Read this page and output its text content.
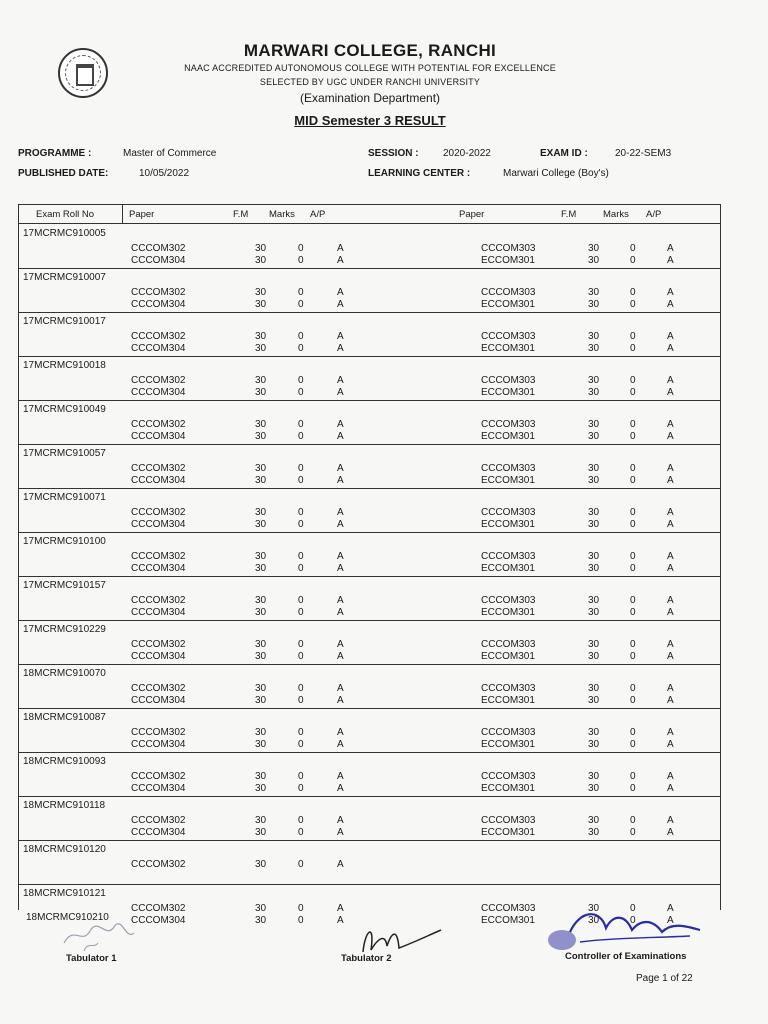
MARWARI COLLEGE, RANCHI
NAAC ACCREDITED AUTONOMOUS COLLEGE WITH POTENTIAL FOR EXCELLENCE
SELECTED BY UGC UNDER RANCHI UNIVERSITY
(Examination Department)
MID Semester 3 RESULT
PROGRAMME :	Master of Commerce	SESSION : 2020-2022	EXAM ID :	20-22-SEM3
PUBLISHED DATE:	10/05/2022	LEARNING CENTER :	Marwari College (Boy's)
Exam Roll No	Paper	F.M Marks A/P	Paper	F.M	Marks A/P
17MCRMC910005
CCCOM302	30	0	A	CCCOM303	30	0	A
CCCOM304	30	0	A	ECCOM301	30	0	A
17MCRMC910007
CCCOM302	30	0	A	CCCOM303	30	0	A
CCCOM304	30	0	A	ECCOM301	30	0	A
17MCRMC910017
CCCOM302	30	0	A	CCCOM303	30	0	A
CCCOM304	30	0	A	ECCOM301	30	0	A
17MCRMC910018
CCCOM302	30	0	A	CCCOM303	30	0	A
CCCOM304	30	0	A	ECCOM301	30	0	A
17MCRMC910049
CCCOM302	30	0	A	CCCOM303	30	0	A
CCCOM304	30	0	A	ECCOM301	30	0	A
17MCRMC910057
CCCOM302	30	0	A	CCCOM303	30	0	A
CCCOM304	30	0	A	ECCOM301	30	0	A
17MCRMC910071
CCCOM302	30	0	A	CCCOM303	30	0	A
CCCOM304	30	0	A	ECCOM301	30	0	A
17MCRMC910100
CCCOM302	30	0	A	CCCOM303	30	0	A
CCCOM304	30	0	A	ECCOM301	30	0	A
17MCRMC910157
CCCOM302	30	0	A	CCCOM303	30	0	A
CCCOM304	30	0	A	ECCOM301	30	0	A
17MCRMC910229
CCCOM302	30	0	A	CCCOM303	30	0	A
CCCOM304	30	0	A	ECCOM301	30	0	A
18MCRMC910070
CCCOM302	30	0	A	CCCOM303	30	0	A
CCCOM304	30	0	A	ECCOM301	30	0	A
18MCRMC910087
CCCOM302	30	0	A	CCCOM303	30	0	A
CCCOM304	30	0	A	ECCOM301	30	0	A
18MCRMC910093
CCCOM302	30	0	A	CCCOM303	30	0	A
CCCOM304	30	0	A	ECCOM301	30	0	A
18MCRMC910118
CCCOM302	30	0	A	CCCOM303	30	0	A
CCCOM304	30	0	A	ECCOM301	30	0	A
18MCRMC910120
CCCOM302	30	0	A
18MCRMC910121
CCCOM302	30	0	A	CCCOM303	30	0	A
CCCOM304	30	0	A	ECCOM301	30	0	A
18MCRMC910210
Tabulator 1	Tabulator 2	Controller of Examinations
Page 1 of 22
